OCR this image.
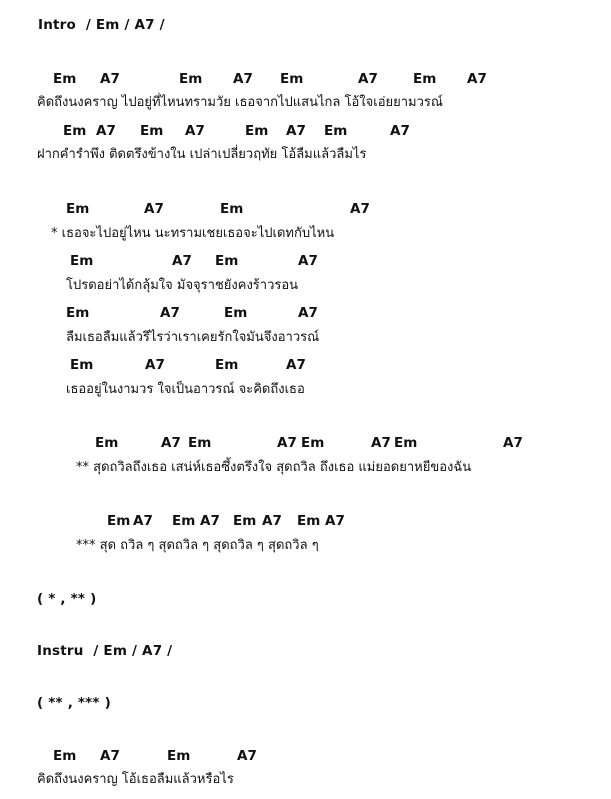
Intro  / Em / A7 /
Em A7	Em A7 Em	A7	Em A7
คิดถึงนงคราญ ไปอยู่ที่ไหนทรามวัย เธอจากไปแสนไกล โอ้ใจเอ่ยยามวรณ์
Em A7 Em A7	Em A7 Em	A7
ฝากคำรำพึง ติดตรึงข้างใน เปล่าเปลี่ยวฤทัย โอ้ลืมแล้วลืมไร
Em	A7	Em	A7
* เธอจะไปอยู่ไหน นะทรามเชยเธอจะไปเดทกับไหน
Em	A7 Em	A7
โปรดอย่าได้กลุ้มใจ มัจจุราชยังคงร้าวรอน
Em	A7	Em	A7
ลืมเธอลืมแล้วรึไรว่าเราเคยรักใจมันจึงอาวรณ์
Em	A7	Em	A7
เธออยู่ในงามวร ใจเป็นอาวรณ์ จะคิดถึงเธอ
Em	A7 Em	A7 Em	A7 Em	A7
** สุดถวิลถึงเธอ เสน่ห์เธอซึ้งตรึงใจ สุดถวิล ถึงเธอ แม่ยอดยาหยีของฉัน
Em A7 Em A7 Em A7 Em A7
*** สุด ถวิล ๆ สุดถวิล ๆ สุดถวิล ๆ สุดถวิล ๆ
( * , ** )
Instru  / Em / A7 /
( ** , *** )
Em A7	Em	A7
คิดถึงนงคราญ โอ้เธอลืมแล้วหรือไร
